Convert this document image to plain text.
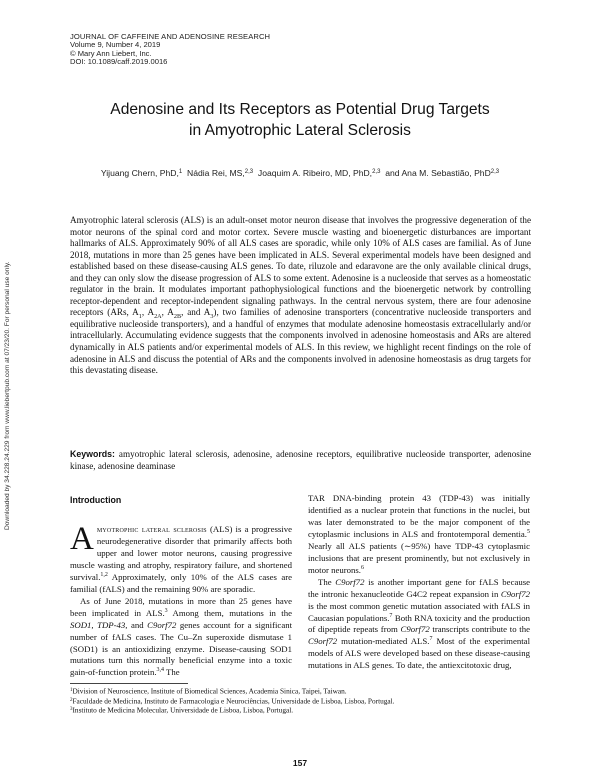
Downloaded by 34.228.24.229 from www.liebertpub.com at 07/23/20. For personal use only.
JOURNAL OF CAFFEINE AND ADENOSINE RESEARCH
Volume 9, Number 4, 2019
© Mary Ann Liebert, Inc.
DOI: 10.1089/caff.2019.0016
Adenosine and Its Receptors as Potential Drug Targets
in Amyotrophic Lateral Sclerosis
Yijuang Chern, PhD,$^1$ Nádia Rei, MS,$^{2,3}$ Joaquim A. Ribeiro, MD, PhD,$^{2,3}$ and Ana M. Sebastião, PhD$^{2,3}$
Amyotrophic lateral sclerosis (ALS) is an adult-onset motor neuron disease that involves the progressive degeneration of the motor neurons of the spinal cord and motor cortex. Severe muscle wasting and bioenergetic disturbances are important hallmarks of ALS. Approximately 90% of all ALS cases are sporadic, while only 10% of ALS cases are familial. As of June 2018, mutations in more than 25 genes have been implicated in ALS. Several experimental models have been designed and established based on these disease-causing ALS genes. To date, riluzole and edaravone are the only available clinical drugs, and they can only slow the disease progression of ALS to some extent. Adenosine is a nucleoside that serves as a homeostatic regulator in the brain. It modulates important pathophysiological functions and the bioenergetic network by controlling receptor-dependent and receptor-independent signaling pathways. In the central nervous system, there are four adenosine receptors (ARs, $A_1$, $A_{2A}$, $A_{2B}$, and $A_3$), two families of adenosine transporters (concentrative nucleoside transporters and equilibrative nucleoside transporters), and a handful of enzymes that modulate adenosine homeostasis extracellularly and/or intracellularly. Accumulating evidence suggests that the components involved in adenosine homeostasis and ARs are altered dynamically in ALS patients and/or experimental models of ALS. In this review, we highlight recent findings on the role of adenosine in ALS and discuss the potential of ARs and the components involved in adenosine homeostasis as drug targets for this devastating disease.
Keywords: amyotrophic lateral sclerosis, adenosine, adenosine receptors, equilibrative nucleoside transporter, adenosine kinase, adenosine deaminase
Introduction

Amyotrophic lateral sclerosis (ALS) is a progressive neurodegenerative disorder that primarily affects both upper and lower motor neurons, causing progressive muscle wasting and atrophy, respiratory failure, and shortened survival.$^{1,2}$ Approximately, only 10% of the ALS cases are familial (fALS) and the remaining 90% are sporadic.

As of June 2018, mutations in more than 25 genes have been implicated in ALS.$^3$ Among them, mutations in the SOD1, TDP-43, and C9orf72 genes account for a significant number of fALS cases. The Cu–Zn superoxide dismutase 1 (SOD1) is an antioxidizing enzyme. Disease-causing SOD1 mutations turn this normally beneficial enzyme into a toxic gain-of-function protein.$^{3,4}$ The

TAR DNA-binding protein 43 (TDP-43) was initially identified as a nuclear protein that functions in the nuclei, but was later demonstrated to be the major component of the cytoplasmic inclusions in ALS and frontotemporal dementia.$^5$ Nearly all ALS patients (∼95%) have TDP-43 cytoplasmic inclusions that are present prominently, but not exclusively in motor neurons.$^6$

The C9orf72 is another important gene for fALS because the intronic hexanucleotide G4C2 repeat expansion in C9orf72 is the most common genetic mutation associated with fALS in Caucasian populations.$^7$ Both RNA toxicity and the production of dipeptide repeats from C9orf72 transcripts contribute to the C9orf72 mutation-mediated ALS.$^7$ Most of the experimental models of ALS were developed based on these disease-causing mutations in ALS genes. To date, the antiexcitotoxic drug,

$^1$Division of Neuroscience, Institute of Biomedical Sciences, Academia Sinica, Taipei, Taiwan.
$^2$Faculdade de Medicina, Instituto de Farmacologia e Neurociências, Universidade de Lisboa, Lisboa, Portugal.
$^3$Instituto de Medicina Molecular, Universidade de Lisboa, Lisboa, Portugal.
157
